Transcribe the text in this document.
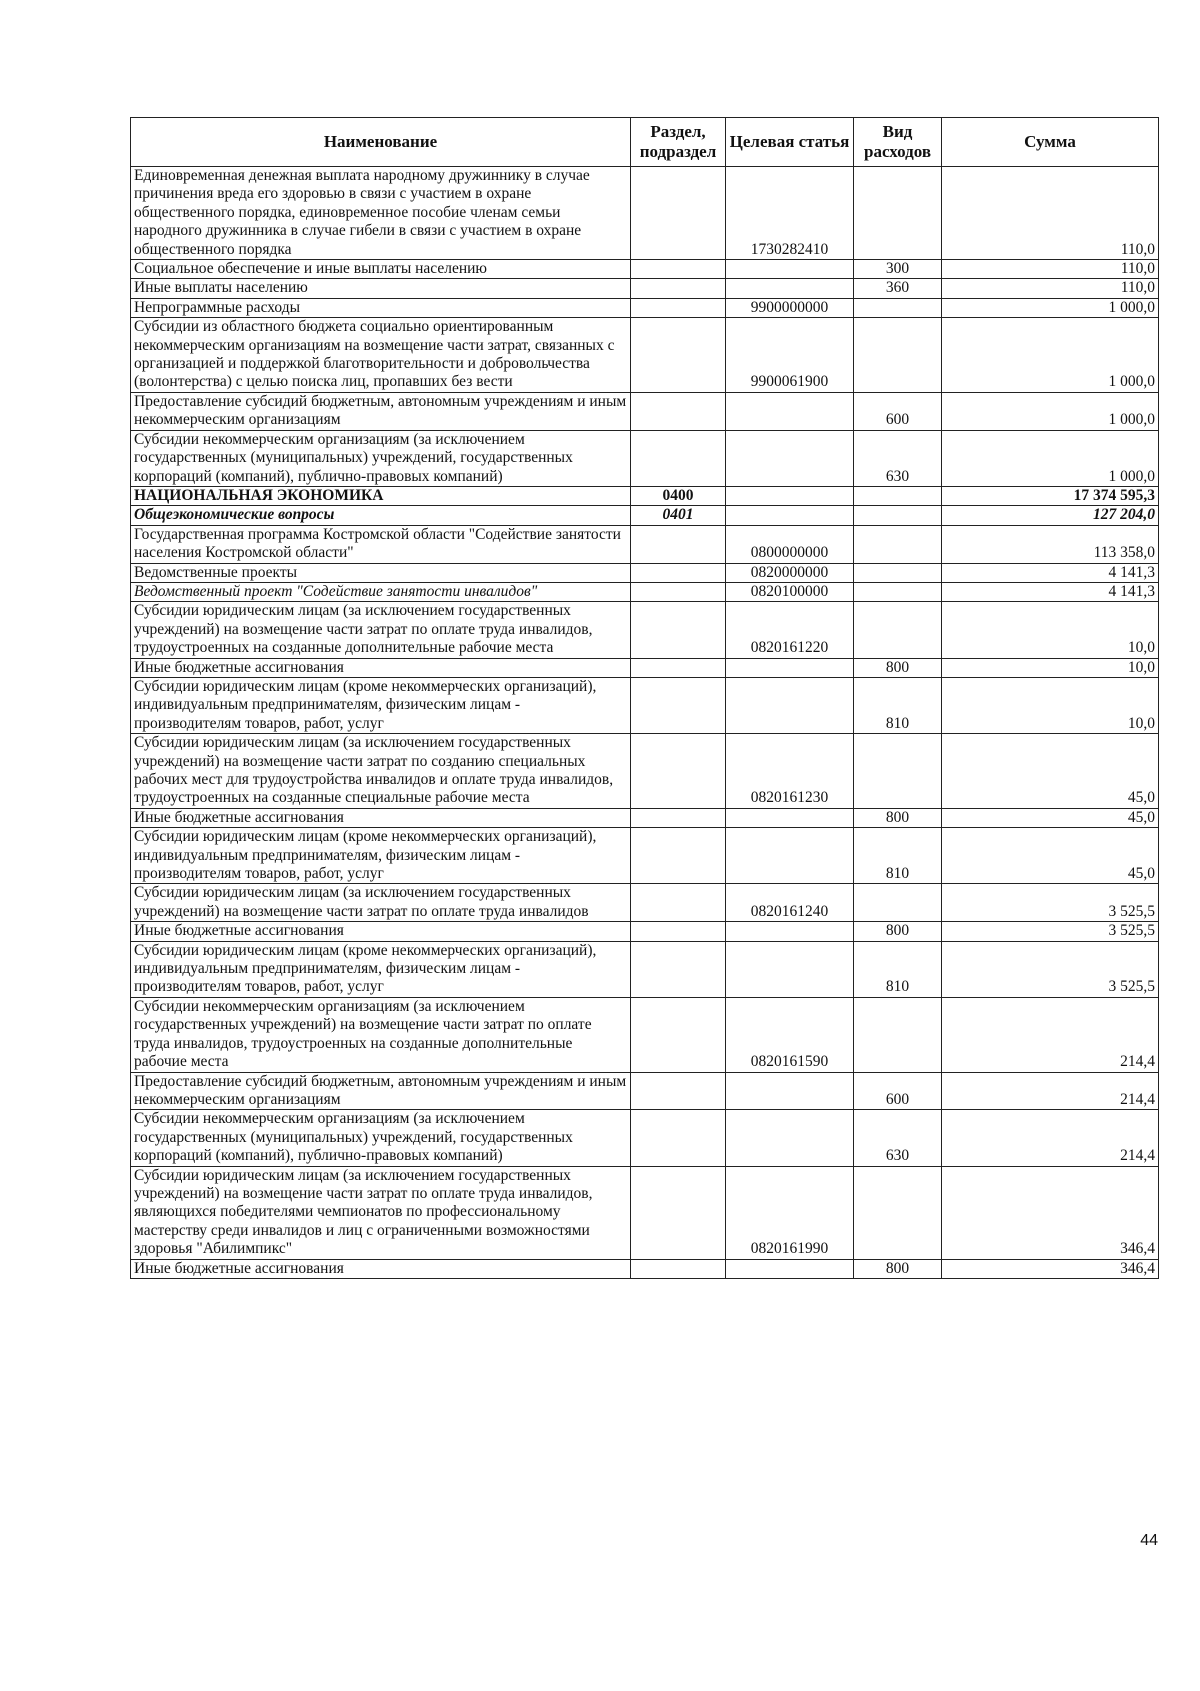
Наименование	Раздел, подраздел	Целевая статья	Вид расходов	Сумма
Единовременная денежная выплата народному дружиннику в случае причинения вреда его здоровью в связи с участием в охране общественного порядка, единовременное пособие членам семьи народного дружинника в случае гибели в связи с участием в охране общественного порядка		1730282410		110,0
Социальное обеспечение и иные выплаты населению			300	110,0
Иные выплаты населению			360	110,0
Непрограммные расходы		9900000000		1 000,0
Субсидии из областного бюджета социально ориентированным некоммерческим организациям на возмещение части затрат, связанных с организацией и поддержкой благотворительности и добровольчества (волонтерства) с целью поиска лиц, пропавших без вести		9900061900		1 000,0
Предоставление субсидий бюджетным, автономным учреждениям и иным некоммерческим организациям			600	1 000,0
Субсидии некоммерческим организациям (за исключением государственных (муниципальных) учреждений, государственных корпораций (компаний), публично-правовых компаний)			630	1 000,0
НАЦИОНАЛЬНАЯ ЭКОНОМИКА	0400			17 374 595,3
Общеэкономические вопросы	0401			127 204,0
Государственная программа Костромской области "Содействие занятости населения Костромской области"		0800000000		113 358,0
Ведомственные проекты		0820000000		4 141,3
Ведомственный проект "Содействие занятости инвалидов"		0820100000		4 141,3
Субсидии юридическим лицам (за исключением государственных учреждений) на возмещение части затрат по оплате труда инвалидов, трудоустроенных на созданные дополнительные рабочие места		0820161220		10,0
Иные бюджетные ассигнования			800	10,0
Субсидии юридическим лицам (кроме некоммерческих организаций), индивидуальным предпринимателям, физическим лицам - производителям товаров, работ, услуг			810	10,0
Субсидии юридическим лицам (за исключением государственных учреждений) на возмещение части затрат по созданию специальных рабочих мест для трудоустройства инвалидов и оплате труда инвалидов, трудоустроенных на созданные специальные рабочие места		0820161230		45,0
Иные бюджетные ассигнования			800	45,0
Субсидии юридическим лицам (кроме некоммерческих организаций), индивидуальным предпринимателям, физическим лицам - производителям товаров, работ, услуг			810	45,0
Субсидии юридическим лицам (за исключением государственных учреждений) на возмещение части затрат по оплате труда инвалидов		0820161240		3 525,5
Иные бюджетные ассигнования			800	3 525,5
Субсидии юридическим лицам (кроме некоммерческих организаций), индивидуальным предпринимателям, физическим лицам - производителям товаров, работ, услуг			810	3 525,5
Субсидии некоммерческим организациям (за исключением государственных учреждений) на возмещение части затрат по оплате труда инвалидов, трудоустроенных на созданные дополнительные рабочие места		0820161590		214,4
Предоставление субсидий бюджетным, автономным учреждениям и иным некоммерческим организациям			600	214,4
Субсидии некоммерческим организациям (за исключением государственных (муниципальных) учреждений, государственных корпораций (компаний), публично-правовых компаний)			630	214,4
Субсидии юридическим лицам (за исключением государственных учреждений) на возмещение части затрат по оплате труда инвалидов, являющихся победителями чемпионатов по профессиональному мастерству среди инвалидов и лиц с ограниченными возможностями здоровья "Абилимпикс"		0820161990		346,4
Иные бюджетные ассигнования			800	346,4
44
